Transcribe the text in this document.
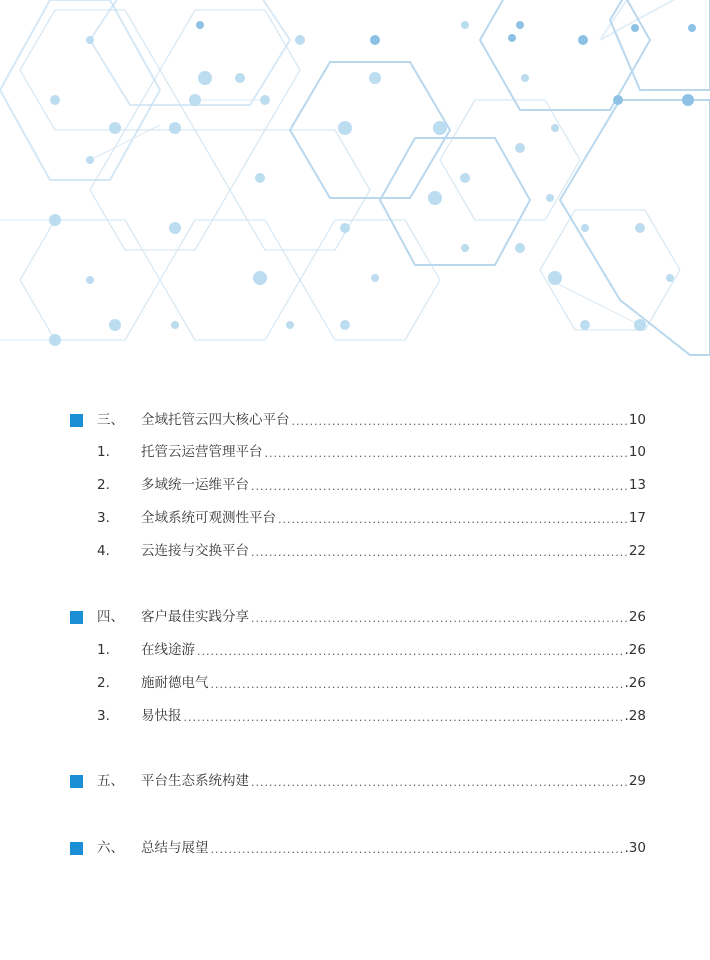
三、	全域托管云四大核心平台 .....	10
1.	托管云运营管理平台 .....	10
2.	多域统一运维平台 .....	13
3.	全域系统可观测性平台 .....	17
4.	云连接与交换平台 .....	22
四、	客户最佳实践分享 .....	26
1.	在线途游 .....	.26
2.	施耐德电气 .....	.26
3.	易快报 .....	.28
五、	平台生态系统构建 .....	29
六、	总结与展望 .....	.30
